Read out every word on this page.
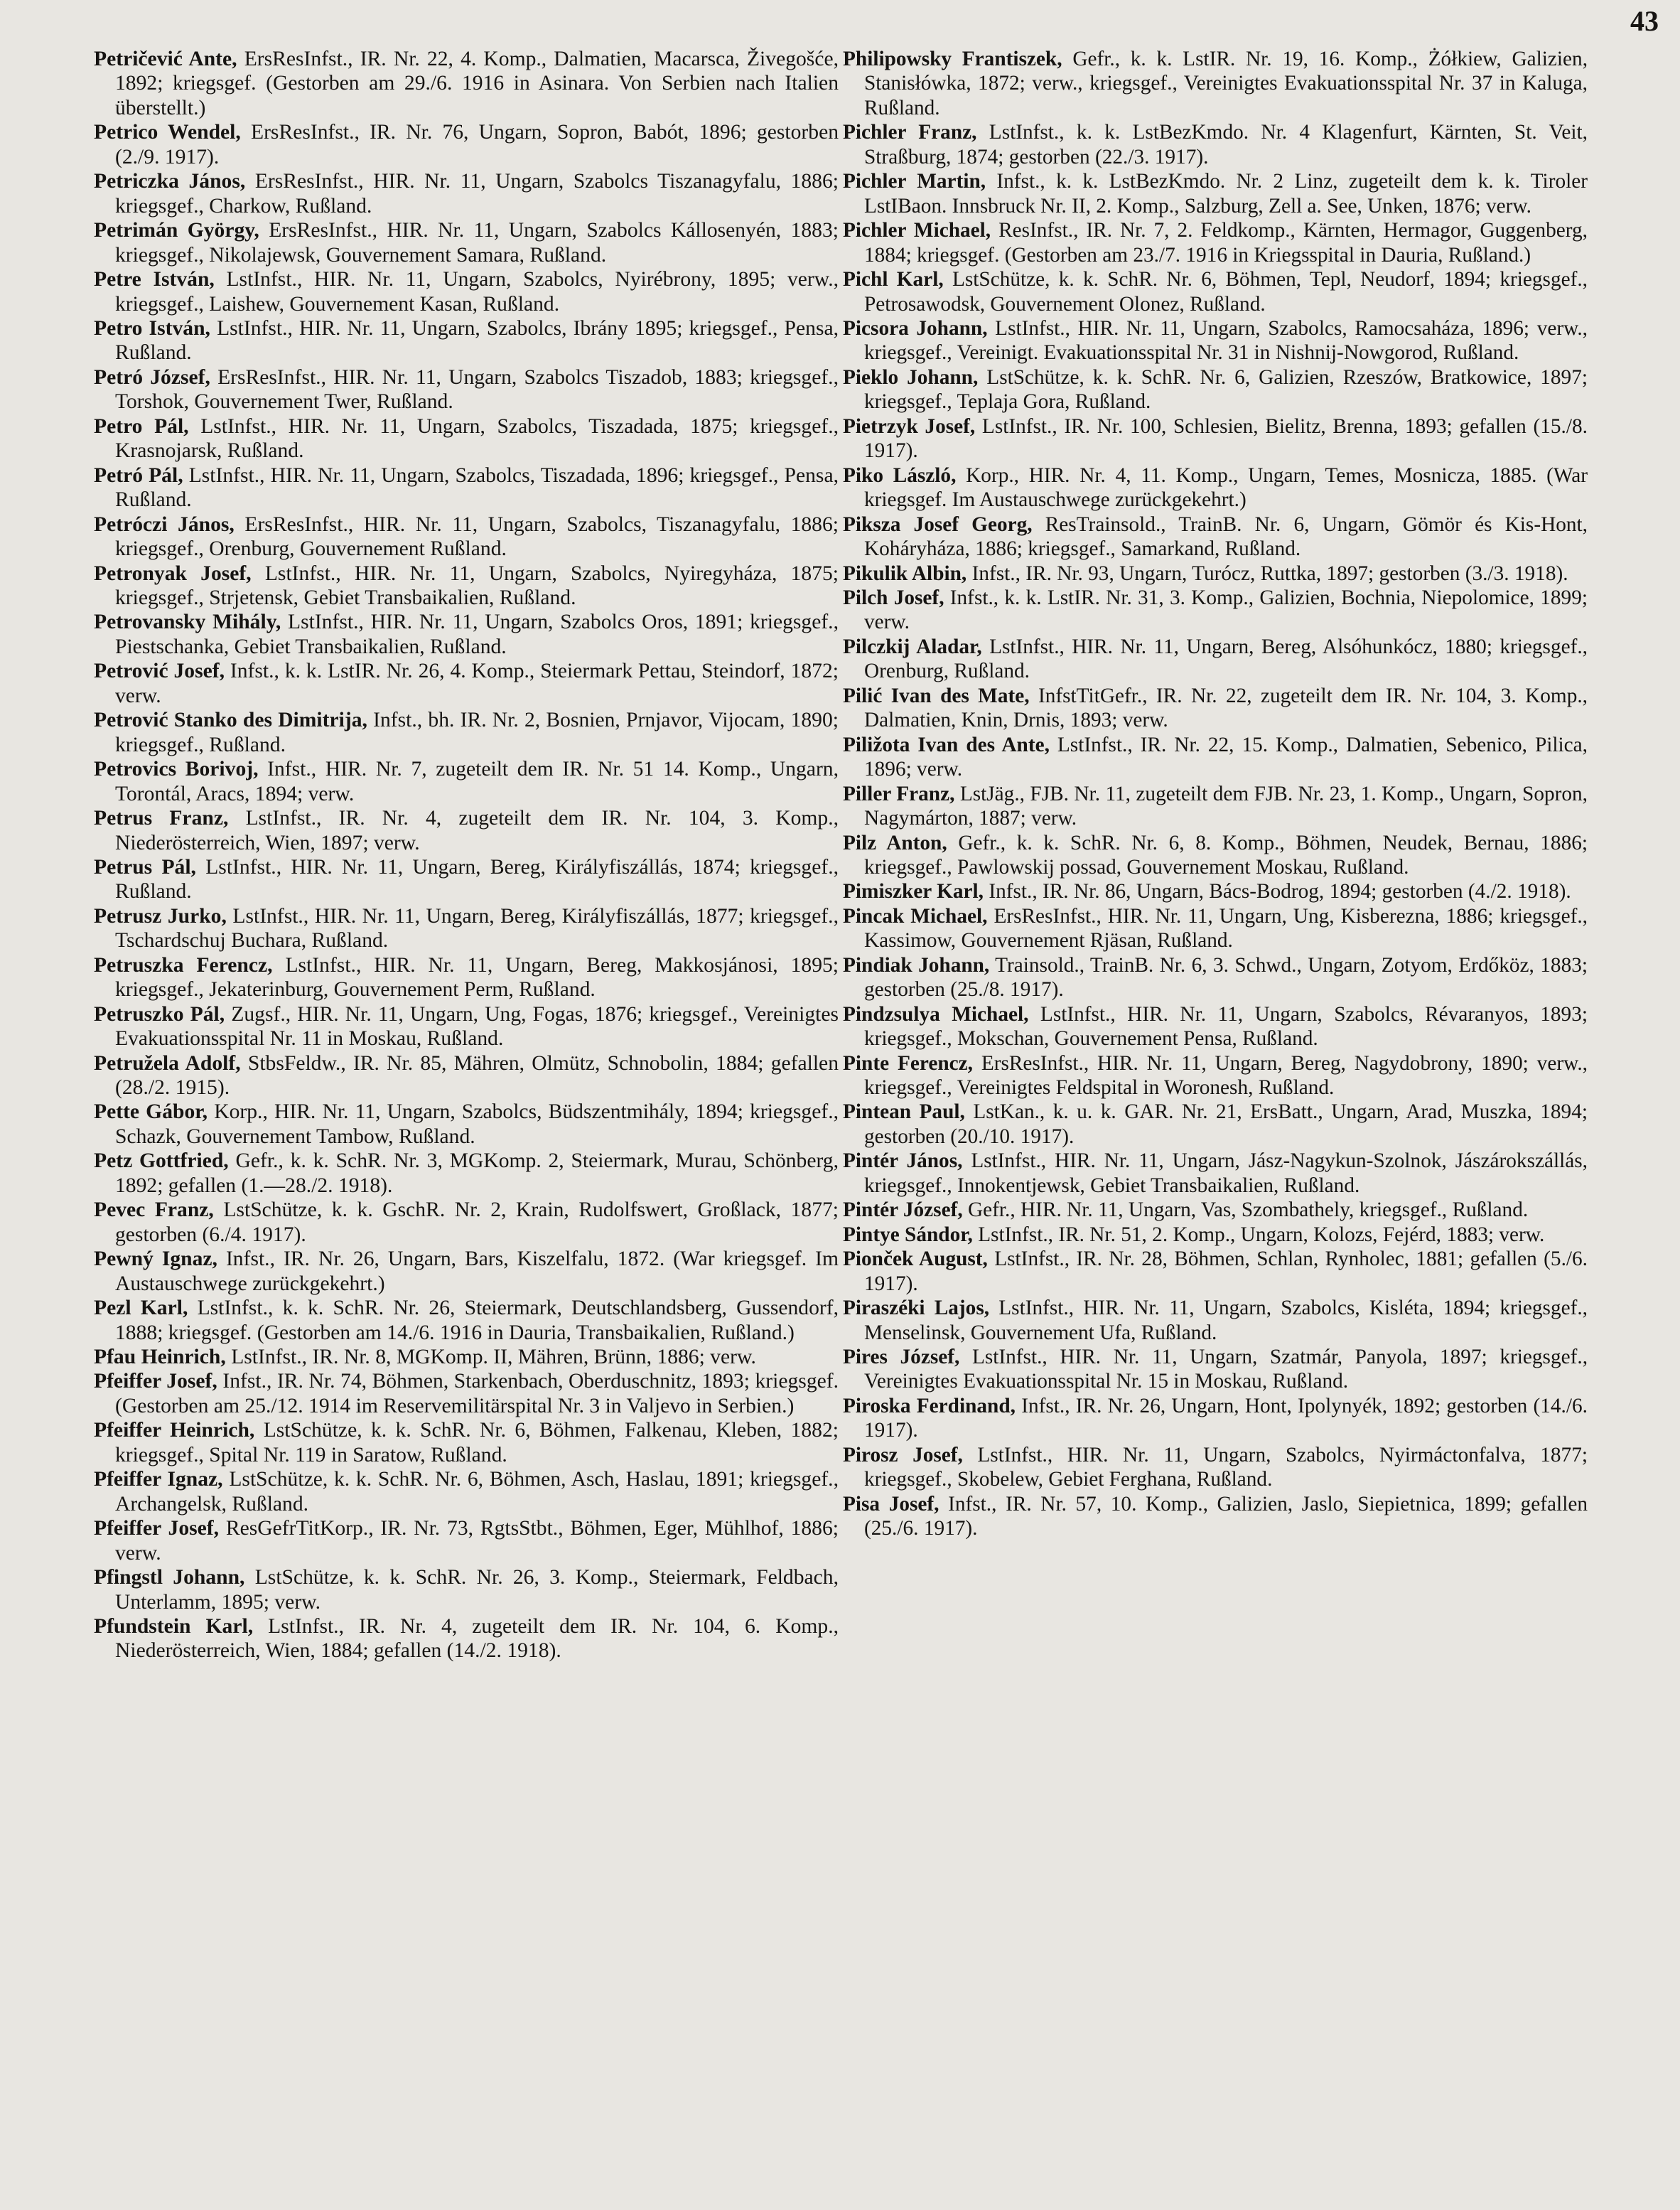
43

Petričević Ante, ErsResInfst., IR. Nr. 22, 4. Komp., Dalmatien, Macarsca, Živegošće, 1892; kriegsgef. (Gestorben am 29./6. 1916 in Asinara. Von Serbien nach Italien überstellt.)

Petrico Wendel, ErsResInfst., IR. Nr. 76, Ungarn, Sopron, Babót, 1896; gestorben (2./9. 1917).

Petriczka János, ErsResInfst., HIR. Nr. 11, Ungarn, Szabolcs Tiszanagyfalu, 1886; kriegsgef., Charkow, Rußland.

Petrimán György, ErsResInfst., HIR. Nr. 11, Ungarn, Szabolcs Kállosenyén, 1883; kriegsgef., Nikolajewsk, Gouvernement Samara, Rußland.

Petre István, LstInfst., HIR. Nr. 11, Ungarn, Szabolcs, Nyirébrony, 1895; verw., kriegsgef., Laishew, Gouvernement Kasan, Rußland.

Petro István, LstInfst., HIR. Nr. 11, Ungarn, Szabolcs, Ibrány 1895; kriegsgef., Pensa, Rußland.

Petró József, ErsResInfst., HIR. Nr. 11, Ungarn, Szabolcs Tiszadob, 1883; kriegsgef., Torshok, Gouvernement Twer, Rußland.

Petro Pál, LstInfst., HIR. Nr. 11, Ungarn, Szabolcs, Tiszadada, 1875; kriegsgef., Krasnojarsk, Rußland.

Petró Pál, LstInfst., HIR. Nr. 11, Ungarn, Szabolcs, Tiszadada, 1896; kriegsgef., Pensa, Rußland.

Petróczi János, ErsResInfst., HIR. Nr. 11, Ungarn, Szabolcs, Tiszanagyfalu, 1886; kriegsgef., Orenburg, Gouvernement Rußland.

Petronyak Josef, LstInfst., HIR. Nr. 11, Ungarn, Szabolcs, Nyiregyháza, 1875; kriegsgef., Strjetensk, Gebiet Transbaikalien, Rußland.

Petrovansky Mihály, LstInfst., HIR. Nr. 11, Ungarn, Szabolcs Oros, 1891; kriegsgef., Piestschanka, Gebiet Transbaikalien, Rußland.

Petrović Josef, Infst., k. k. LstIR. Nr. 26, 4. Komp., Steiermark Pettau, Steindorf, 1872; verw.

Petrović Stanko des Dimitrija, Infst., bh. IR. Nr. 2, Bosnien, Prnjavor, Vijocam, 1890; kriegsgef., Rußland.

Petrovics Borivoj, Infst., HIR. Nr. 7, zugeteilt dem IR. Nr. 51 14. Komp., Ungarn, Torontál, Aracs, 1894; verw.

Petrus Franz, LstInfst., IR. Nr. 4, zugeteilt dem IR. Nr. 104, 3. Komp., Niederösterreich, Wien, 1897; verw.

Petrus Pál, LstInfst., HIR. Nr. 11, Ungarn, Bereg, Királyfiszállás, 1874; kriegsgef., Rußland.

Petrusz Jurko, LstInfst., HIR. Nr. 11, Ungarn, Bereg, Királyfiszállás, 1877; kriegsgef., Tschardschuj Buchara, Rußland.

Petruszka Ferencz, LstInfst., HIR. Nr. 11, Ungarn, Bereg, Makkosjánosi, 1895; kriegsgef., Jekaterinburg, Gouvernement Perm, Rußland.

Petruszko Pál, Zugsf., HIR. Nr. 11, Ungarn, Ung, Fogas, 1876; kriegsgef., Vereinigtes Evakuationsspital Nr. 11 in Moskau, Rußland.

Petružela Adolf, StbsFeldw., IR. Nr. 85, Mähren, Olmütz, Schnobolin, 1884; gefallen (28./2. 1915).

Pette Gábor, Korp., HIR. Nr. 11, Ungarn, Szabolcs, Büdszentmihály, 1894; kriegsgef., Schazk, Gouvernement Tambow, Rußland.

Petz Gottfried, Gefr., k. k. SchR. Nr. 3, MGKomp. 2, Steiermark, Murau, Schönberg, 1892; gefallen (1.—28./2. 1918).

Pevec Franz, LstSchütze, k. k. GschR. Nr. 2, Krain, Rudolfswert, Großlack, 1877; gestorben (6./4. 1917).

Pewný Ignaz, Infst., IR. Nr. 26, Ungarn, Bars, Kiszelfalu, 1872. (War kriegsgef. Im Austauschwege zurückgekehrt.)

Pezl Karl, LstInfst., k. k. SchR. Nr. 26, Steiermark, Deutschlandsberg, Gussendorf, 1888; kriegsgef. (Gestorben am 14./6. 1916 in Dauria, Transbaikalien, Rußland.)

Pfau Heinrich, LstInfst., IR. Nr. 8, MGKomp. II, Mähren, Brünn, 1886; verw.

Pfeiffer Josef, Infst., IR. Nr. 74, Böhmen, Starkenbach, Oberduschnitz, 1893; kriegsgef. (Gestorben am 25./12. 1914 im Reservemilitärspital Nr. 3 in Valjevo in Serbien.)

Pfeiffer Heinrich, LstSchütze, k. k. SchR. Nr. 6, Böhmen, Falkenau, Kleben, 1882; kriegsgef., Spital Nr. 119 in Saratow, Rußland.

Pfeiffer Ignaz, LstSchütze, k. k. SchR. Nr. 6, Böhmen, Asch, Haslau, 1891; kriegsgef., Archangelsk, Rußland.

Pfeiffer Josef, ResGefrTitKorp., IR. Nr. 73, RgtsStbt., Böhmen, Eger, Mühlhof, 1886; verw.

Pfingstl Johann, LstSchütze, k. k. SchR. Nr. 26, 3. Komp., Steiermark, Feldbach, Unterlamm, 1895; verw.

Pfundstein Karl, LstInfst., IR. Nr. 4, zugeteilt dem IR. Nr. 104, 6. Komp., Niederösterreich, Wien, 1884; gefallen (14./2. 1918).

Philipowsky Frantiszek, Gefr., k. k. LstIR. Nr. 19, 16. Komp., Żółkiew, Galizien, Stanisłówka, 1872; verw., kriegsgef., Vereinigtes Evakuationsspital Nr. 37 in Kaluga, Rußland.

Pichler Franz, LstInfst., k. k. LstBezKmdo. Nr. 4 Klagenfurt, Kärnten, St. Veit, Straßburg, 1874; gestorben (22./3. 1917).

Pichler Martin, Infst., k. k. LstBezKmdo. Nr. 2 Linz, zugeteilt dem k. k. Tiroler LstIBaon. Innsbruck Nr. II, 2. Komp., Salzburg, Zell a. See, Unken, 1876; verw.

Pichler Michael, ResInfst., IR. Nr. 7, 2. Feldkomp., Kärnten, Hermagor, Guggenberg, 1884; kriegsgef. (Gestorben am 23./7. 1916 in Kriegsspital in Dauria, Rußland.)

Pichl Karl, LstSchütze, k. k. SchR. Nr. 6, Böhmen, Tepl, Neudorf, 1894; kriegsgef., Petrosawodsk, Gouvernement Olonez, Rußland.

Picsora Johann, LstInfst., HIR. Nr. 11, Ungarn, Szabolcs, Ramocsaháza, 1896; verw., kriegsgef., Vereinigt. Evakuationsspital Nr. 31 in Nishnij-Nowgorod, Rußland.

Pieklo Johann, LstSchütze, k. k. SchR. Nr. 6, Galizien, Rzeszów, Bratkowice, 1897; kriegsgef., Teplaja Gora, Rußland.

Pietrzyk Josef, LstInfst., IR. Nr. 100, Schlesien, Bielitz, Brenna, 1893; gefallen (15./8. 1917).

Piko László, Korp., HIR. Nr. 4, 11. Komp., Ungarn, Temes, Mosnicza, 1885. (War kriegsgef. Im Austauschwege zurückgekehrt.)

Piksza Josef Georg, ResTrainsold., TrainB. Nr. 6, Ungarn, Gömör és Kis-Hont, Koháryháza, 1886; kriegsgef., Samarkand, Rußland.

Pikulik Albin, Infst., IR. Nr. 93, Ungarn, Turócz, Ruttka, 1897; gestorben (3./3. 1918).

Pilch Josef, Infst., k. k. LstIR. Nr. 31, 3. Komp., Galizien, Bochnia, Niepolomice, 1899; verw.

Pilczkij Aladar, LstInfst., HIR. Nr. 11, Ungarn, Bereg, Alsóhunkócz, 1880; kriegsgef., Orenburg, Rußland.

Pilić Ivan des Mate, InfstTitGefr., IR. Nr. 22, zugeteilt dem IR. Nr. 104, 3. Komp., Dalmatien, Knin, Drnis, 1893; verw.

Piližota Ivan des Ante, LstInfst., IR. Nr. 22, 15. Komp., Dalmatien, Sebenico, Pilica, 1896; verw.

Piller Franz, LstJäg., FJB. Nr. 11, zugeteilt dem FJB. Nr. 23, 1. Komp., Ungarn, Sopron, Nagymárton, 1887; verw.

Pilz Anton, Gefr., k. k. SchR. Nr. 6, 8. Komp., Böhmen, Neudek, Bernau, 1886; kriegsgef., Pawlowskij possad, Gouvernement Moskau, Rußland.

Pimiszker Karl, Infst., IR. Nr. 86, Ungarn, Bács-Bodrog, 1894; gestorben (4./2. 1918).

Pincak Michael, ErsResInfst., HIR. Nr. 11, Ungarn, Ung, Kisberezna, 1886; kriegsgef., Kassimow, Gouvernement Rjäsan, Rußland.

Pindiak Johann, Trainsold., TrainB. Nr. 6, 3. Schwd., Ungarn, Zotyom, Erdőköz, 1883; gestorben (25./8. 1917).

Pindzsulya Michael, LstInfst., HIR. Nr. 11, Ungarn, Szabolcs, Révaranyos, 1893; kriegsgef., Mokschan, Gouvernement Pensa, Rußland.

Pinte Ferencz, ErsResInfst., HIR. Nr. 11, Ungarn, Bereg, Nagydobrony, 1890; verw., kriegsgef., Vereinigtes Feldspital in Woronesh, Rußland.

Pintean Paul, LstKan., k. u. k. GAR. Nr. 21, ErsBatt., Ungarn, Arad, Muszka, 1894; gestorben (20./10. 1917).

Pintér János, LstInfst., HIR. Nr. 11, Ungarn, Jász-Nagykun-Szolnok, Jászárokszállás, kriegsgef., Innokentjewsk, Gebiet Transbaikalien, Rußland.

Pintér József, Gefr., HIR. Nr. 11, Ungarn, Vas, Szombathely, kriegsgef., Rußland.

Pintye Sándor, LstInfst., IR. Nr. 51, 2. Komp., Ungarn, Kolozs, Fejérd, 1883; verw.

Pionček August, LstInfst., IR. Nr. 28, Böhmen, Schlan, Rynholec, 1881; gefallen (5./6. 1917).

Piraszéki Lajos, LstInfst., HIR. Nr. 11, Ungarn, Szabolcs, Kisléta, 1894; kriegsgef., Menselinsk, Gouvernement Ufa, Rußland.

Pires József, LstInfst., HIR. Nr. 11, Ungarn, Szatmár, Panyola, 1897; kriegsgef., Vereinigtes Evakuationsspital Nr. 15 in Moskau, Rußland.

Piroska Ferdinand, Infst., IR. Nr. 26, Ungarn, Hont, Ipolynyék, 1892; gestorben (14./6. 1917).

Pirosz Josef, LstInfst., HIR. Nr. 11, Ungarn, Szabolcs, Nyirmáctonfalva, 1877; kriegsgef., Skobelew, Gebiet Ferghana, Rußland.

Pisa Josef, Infst., IR. Nr. 57, 10. Komp., Galizien, Jaslo, Siepietnica, 1899; gefallen (25./6. 1917).
